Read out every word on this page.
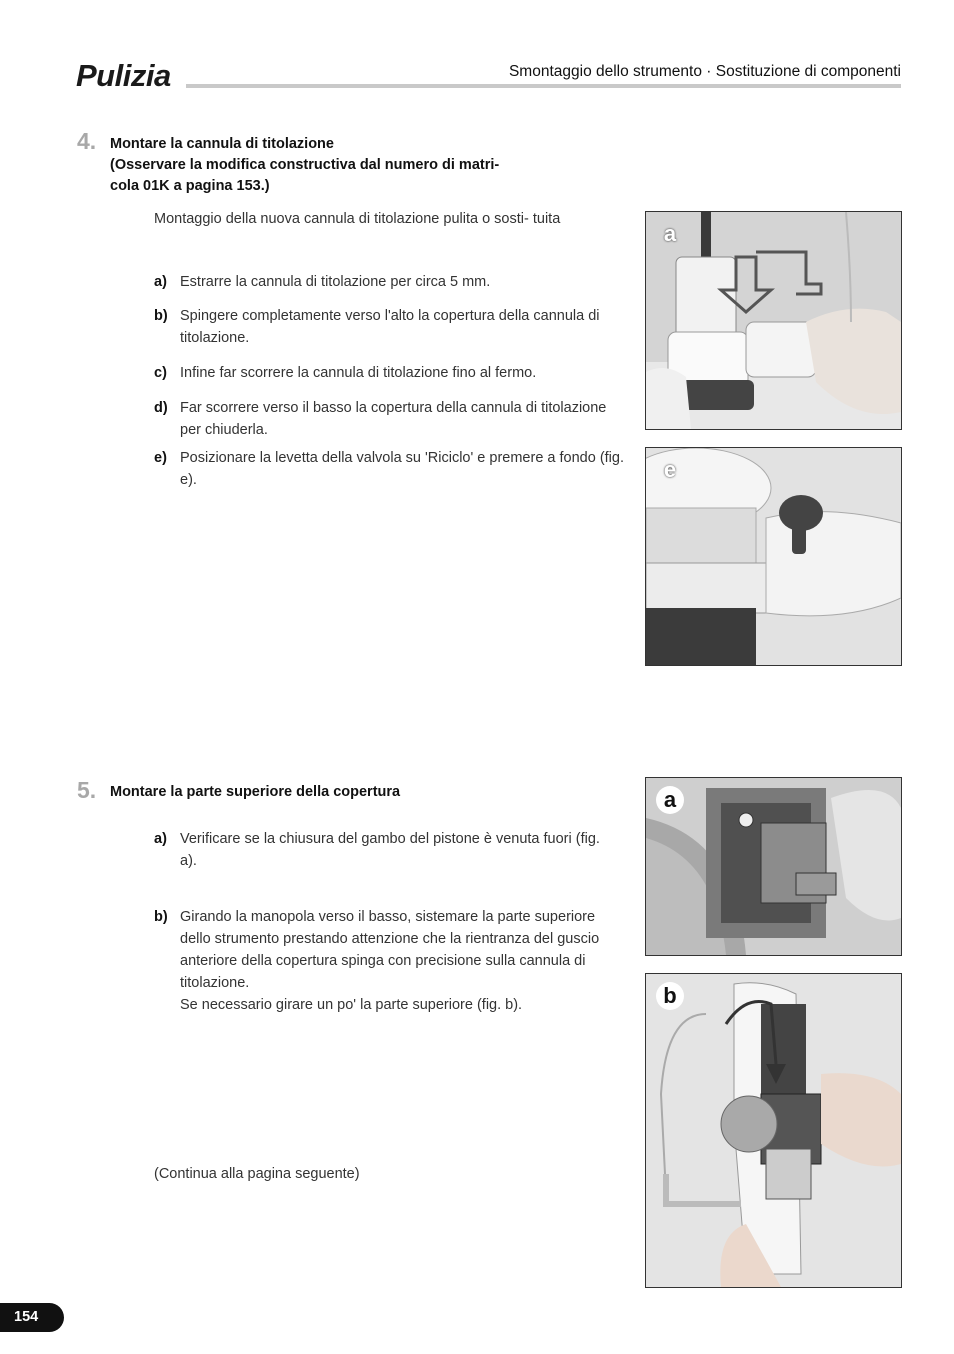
Pulizia	Smontaggio dello strumento · Sostituzione di componenti
4. Montare la cannula di titolazione
(Osservare la modifica constructiva dal numero di matri-
cola 01K a pagina 153.)
Montaggio della nuova cannula di titolazione pulita o sosti- tuita
a) Estrarre la cannula di titolazione per circa 5 mm.
b) Spingere completamente verso l'alto la copertura della cannula di titolazione.
c) Infine far scorrere la cannula di titolazione fino al fermo.
d) Far scorrere verso il basso la copertura della cannula di titolazione per chiuderla.
e) Posizionare la levetta della valvola su 'Riciclo' e premere a fondo (fig. e).
a
e
5. Montare la parte superiore della copertura
a) Verificare se la chiusura del gambo del pistone è venuta fuori (fig. a).
b) Girando la manopola verso il basso, sistemare la parte superiore dello strumento prestando attenzione che la rientranza del guscio anteriore della copertura spinga con precisione sulla cannula di titolazione.
Se necessario girare un po' la parte superiore (fig. b).
(Continua alla pagina seguente)
a
b
154
